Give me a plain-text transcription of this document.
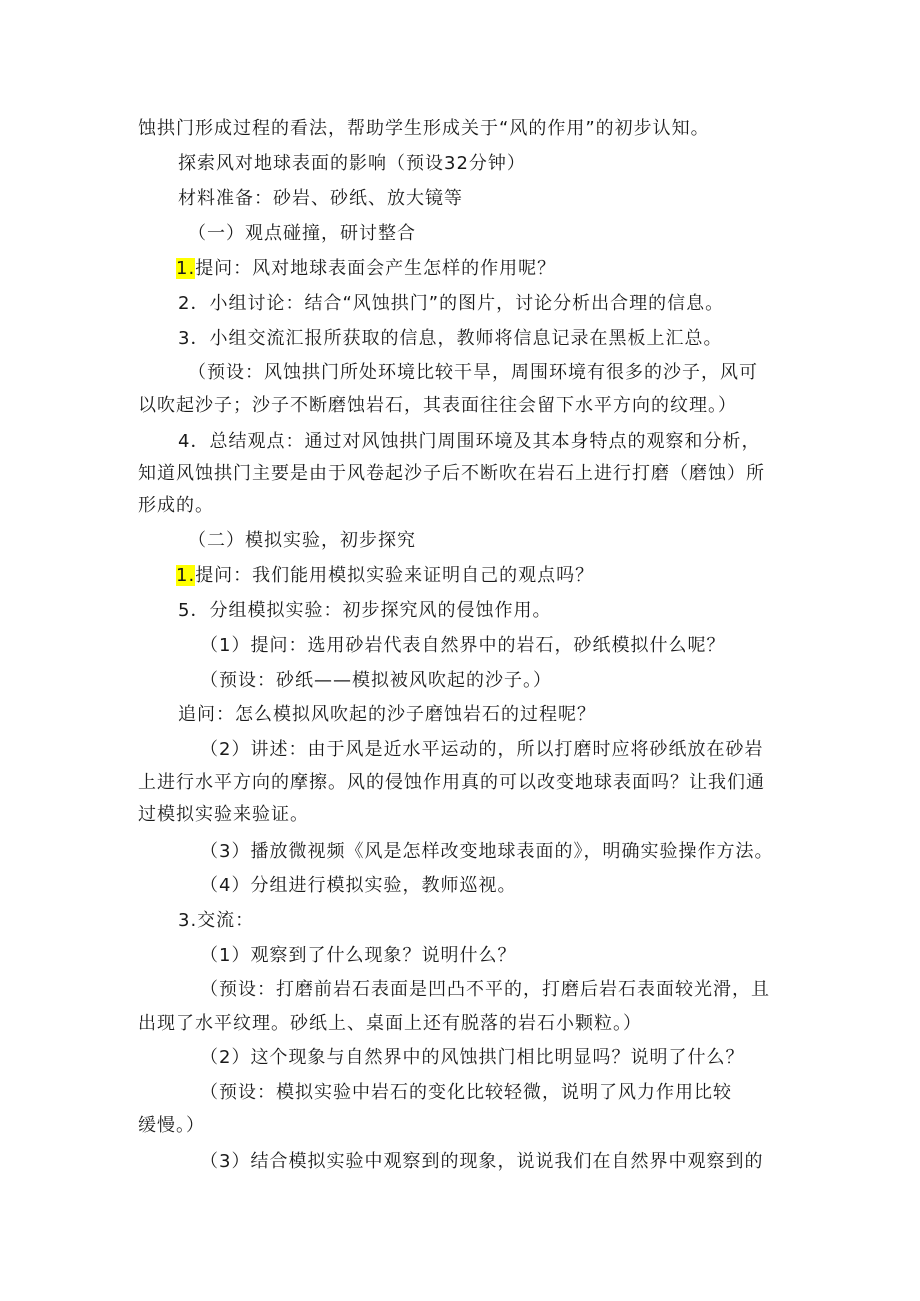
蚀拱门形成过程的看法，帮助学生形成关于“风的作用”的初步认知。
探索风对地球表面的影响（预设32分钟）
材料准备：砂岩、砂纸、放大镜等
（一）观点碰撞，研讨整合
1.提问：风对地球表面会产生怎样的作用呢？
2．小组讨论：结合“风蚀拱门”的图片，讨论分析出合理的信息。
3．小组交流汇报所获取的信息，教师将信息记录在黑板上汇总。
（预设：风蚀拱门所处环境比较干旱，周围环境有很多的沙子，风可
以吹起沙子；沙子不断磨蚀岩石，其表面往往会留下水平方向的纹理。）
4．总结观点：通过对风蚀拱门周围环境及其本身特点的观察和分析，
知道风蚀拱门主要是由于风卷起沙子后不断吹在岩石上进行打磨（磨蚀）所
形成的。
（二）模拟实验，初步探究
1.提问：我们能用模拟实验来证明自己的观点吗？
5．分组模拟实验：初步探究风的侵蚀作用。
（1）提问：选用砂岩代表自然界中的岩石，砂纸模拟什么呢？
（预设：砂纸——模拟被风吹起的沙子。）
追问：怎么模拟风吹起的沙子磨蚀岩石的过程呢？
（2）讲述：由于风是近水平运动的，所以打磨时应将砂纸放在砂岩
上进行水平方向的摩擦。风的侵蚀作用真的可以改变地球表面吗？让我们通
过模拟实验来验证。
（3）播放微视频《风是怎样改变地球表面的》，明确实验操作方法。
（4）分组进行模拟实验，教师巡视。
3.交流：
（1）观察到了什么现象？说明什么？
（预设：打磨前岩石表面是凹凸不平的，打磨后岩石表面较光滑，且
出现了水平纹理。砂纸上、桌面上还有脱落的岩石小颗粒。）
（2）这个现象与自然界中的风蚀拱门相比明显吗？说明了什么？
（预设：模拟实验中岩石的变化比较轻微，说明了风力作用比较
缓慢。）
（3）结合模拟实验中观察到的现象，说说我们在自然界中观察到的
